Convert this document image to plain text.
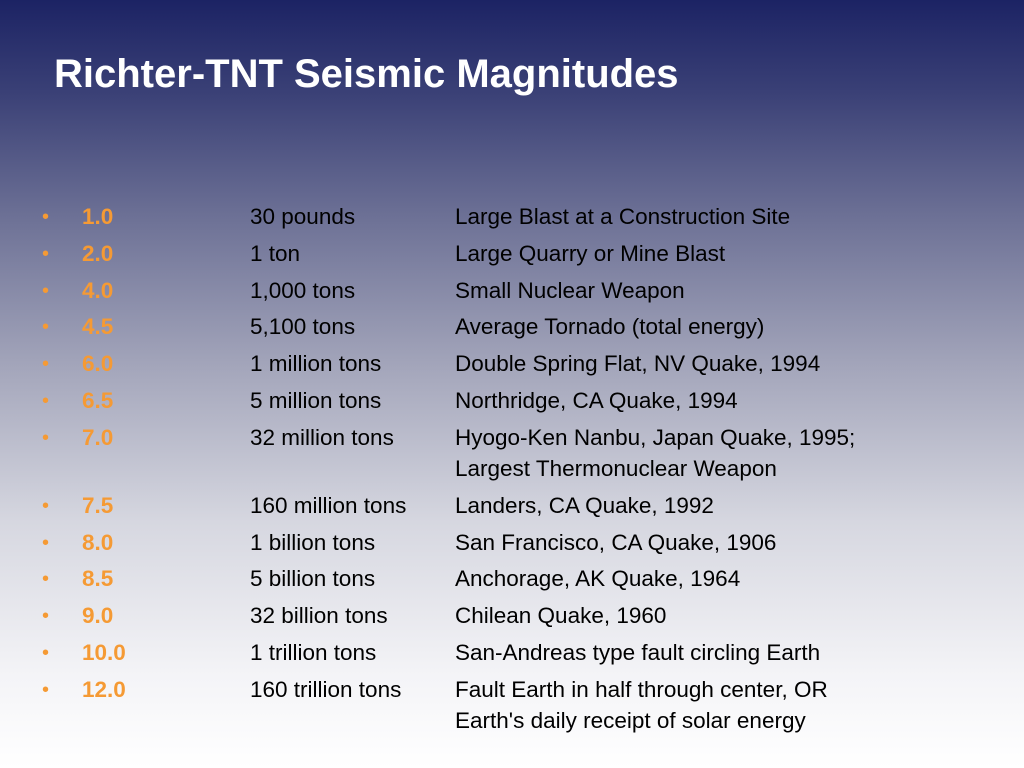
Richter-TNT Seismic Magnitudes
• 1.0	30 pounds	Large Blast at a Construction Site
• 2.0	1 ton	Large Quarry or Mine Blast
• 4.0	1,000 tons	Small Nuclear Weapon
• 4.5	5,100 tons	Average Tornado (total energy)
• 6.0	1 million tons	Double Spring Flat, NV Quake, 1994
• 6.5	5 million tons	Northridge, CA Quake, 1994
• 7.0	32 million tons	Hyogo-Ken Nanbu, Japan Quake, 1995;
Largest Thermonuclear Weapon
• 7.5	160 million tons Landers, CA Quake, 1992
• 8.0	1 billion tons	San Francisco, CA Quake, 1906
• 8.5	5 billion tons	Anchorage, AK Quake, 1964
• 9.0	32 billion tons	Chilean Quake, 1960
• 10.0	1 trillion tons	San-Andreas type fault circling Earth
• 12.0	160 trillion tons Fault Earth in half through center, OR
Earth's daily receipt of solar energy
